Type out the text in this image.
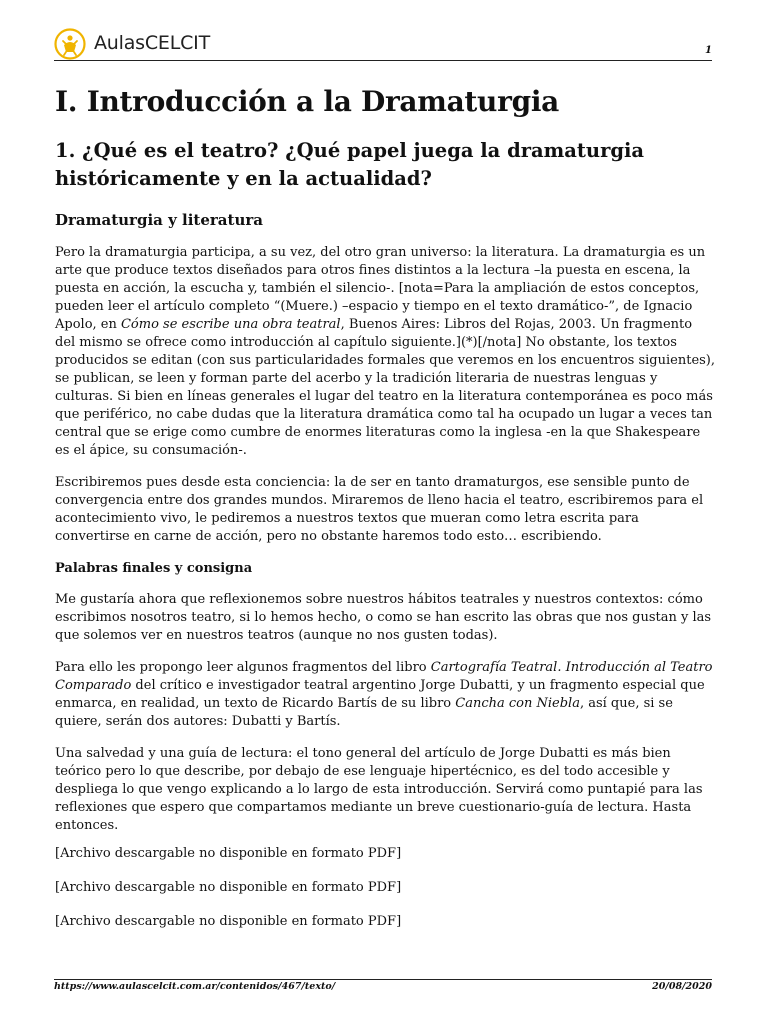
AulasCELCIT	1
I. Introducción a la Dramaturgia
1. ¿Qué es el teatro? ¿Qué papel juega la dramaturgia históricamente y en la actualidad?
Dramaturgia y literatura

Pero la dramaturgia participa, a su vez, del otro gran universo: la literatura. La dramaturgia es un arte que produce textos diseñados para otros fines distintos a la lectura –la puesta en escena, la puesta en acción, la escucha y, también el silencio-. [nota=Para la ampliación de estos conceptos, pueden leer el artículo completo “(Muere.) –espacio y tiempo en el texto dramático-”, de Ignacio Apolo, en Cómo se escribe una obra teatral, Buenos Aires: Libros del Rojas, 2003. Un fragmento del mismo se ofrece como introducción al capítulo siguiente.](*)[/nota] No obstante, los textos producidos se editan (con sus particularidades formales que veremos en los encuentros siguientes), se publican, se leen y forman parte del acerbo y la tradición literaria de nuestras lenguas y culturas. Si bien en líneas generales el lugar del teatro en la literatura contemporánea es poco más que periférico, no cabe dudas que la literatura dramática como tal ha ocupado un lugar a veces tan central que se erige como cumbre de enormes literaturas como la inglesa -en la que Shakespeare es el ápice, su consumación-.

Escribiremos pues desde esta conciencia: la de ser en tanto dramaturgos, ese sensible punto de convergencia entre dos grandes mundos. Miraremos de lleno hacia el teatro, escribiremos para el acontecimiento vivo, le pediremos a nuestros textos que mueran como letra escrita para convertirse en carne de acción, pero no obstante haremos todo esto… escribiendo.

Palabras finales y consigna

Me gustaría ahora que reflexionemos sobre nuestros hábitos teatrales y nuestros contextos: cómo escribimos nosotros teatro, si lo hemos hecho, o como se han escrito las obras que nos gustan y las que solemos ver en nuestros teatros (aunque no nos gusten todas).

Para ello les propongo leer algunos fragmentos del libro Cartografía Teatral. Introducción al Teatro Comparado del crítico e investigador teatral argentino Jorge Dubatti, y un fragmento especial que enmarca, en realidad, un texto de Ricardo Bartís de su libro Cancha con Niebla, así que, si se quiere, serán dos autores: Dubatti y Bartís.

Una salvedad y una guía de lectura: el tono general del artículo de Jorge Dubatti es más bien teórico pero lo que describe, por debajo de ese lenguaje hipertécnico, es del todo accesible y despliega lo que vengo explicando a lo largo de esta introducción. Servirá como puntapié para las reflexiones que espero que compartamos mediante un breve cuestionario-guía de lectura. Hasta entonces.

[Archivo descargable no disponible en formato PDF]

[Archivo descargable no disponible en formato PDF]

[Archivo descargable no disponible en formato PDF]

https://www.aulascelcit.com.ar/contenidos/467/texto/	20/08/2020
